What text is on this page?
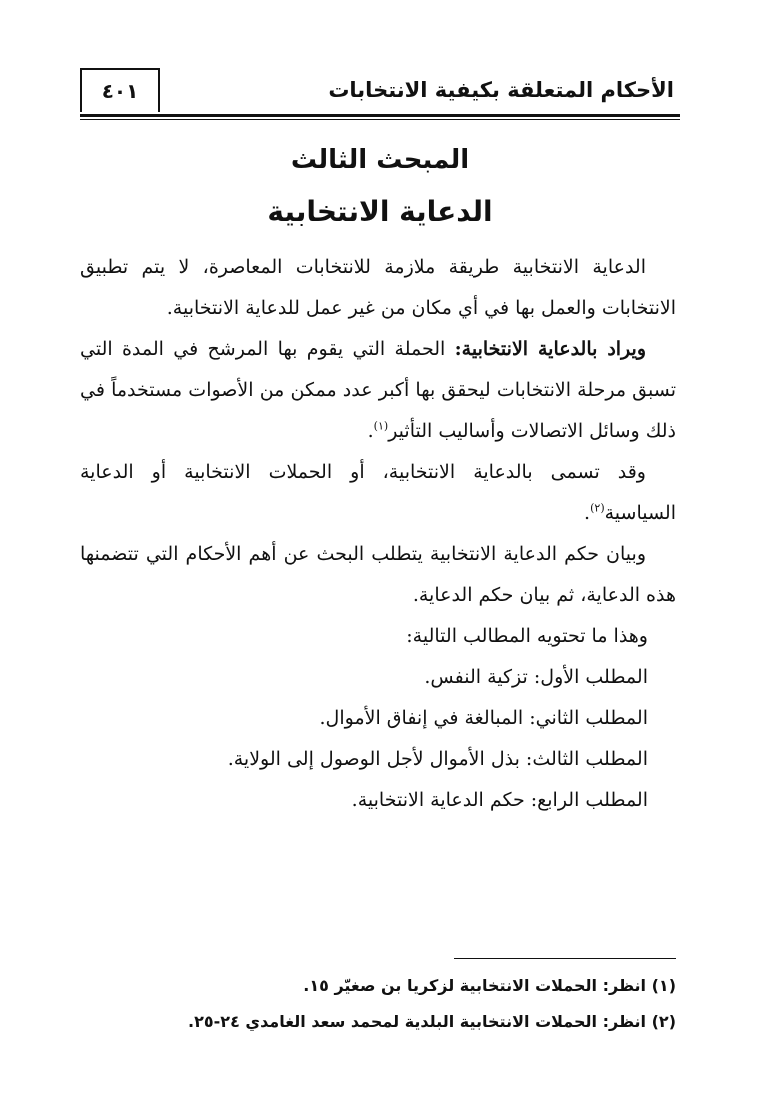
الأحكام المتعلقة بكيفية الانتخابات
٤٠١
المبحث الثالث
الدعاية الانتخابية

الدعاية الانتخابية طريقة ملازمة للانتخابات المعاصرة، لا يتم تطبيق الانتخابات والعمل بها في أي مكان من غير عمل للدعاية الانتخابية.

ويراد بالدعاية الانتخابية: الحملة التي يقوم بها المرشح في المدة التي تسبق مرحلة الانتخابات ليحقق بها أكبر عدد ممكن من الأصوات مستخدماً في ذلك وسائل الاتصالات وأساليب التأثير$^{(١)}$.

وقد تسمى بالدعاية الانتخابية، أو الحملات الانتخابية أو الدعاية السياسية$^{(٢)}$.

وبيان حكم الدعاية الانتخابية يتطلب البحث عن أهم الأحكام التي تتضمنها هذه الدعاية، ثم بيان حكم الدعاية.

وهذا ما تحتويه المطالب التالية:

المطلب الأول: تزكية النفس.

المطلب الثاني: المبالغة في إنفاق الأموال.

المطلب الثالث: بذل الأموال لأجل الوصول إلى الولاية.

المطلب الرابع: حكم الدعاية الانتخابية.

(١) انظر: الحملات الانتخابية لزكريا بن صغيّر ١٥.

(٢) انظر: الحملات الانتخابية البلدية لمحمد سعد الغامدي ٢٤-٢٥.
